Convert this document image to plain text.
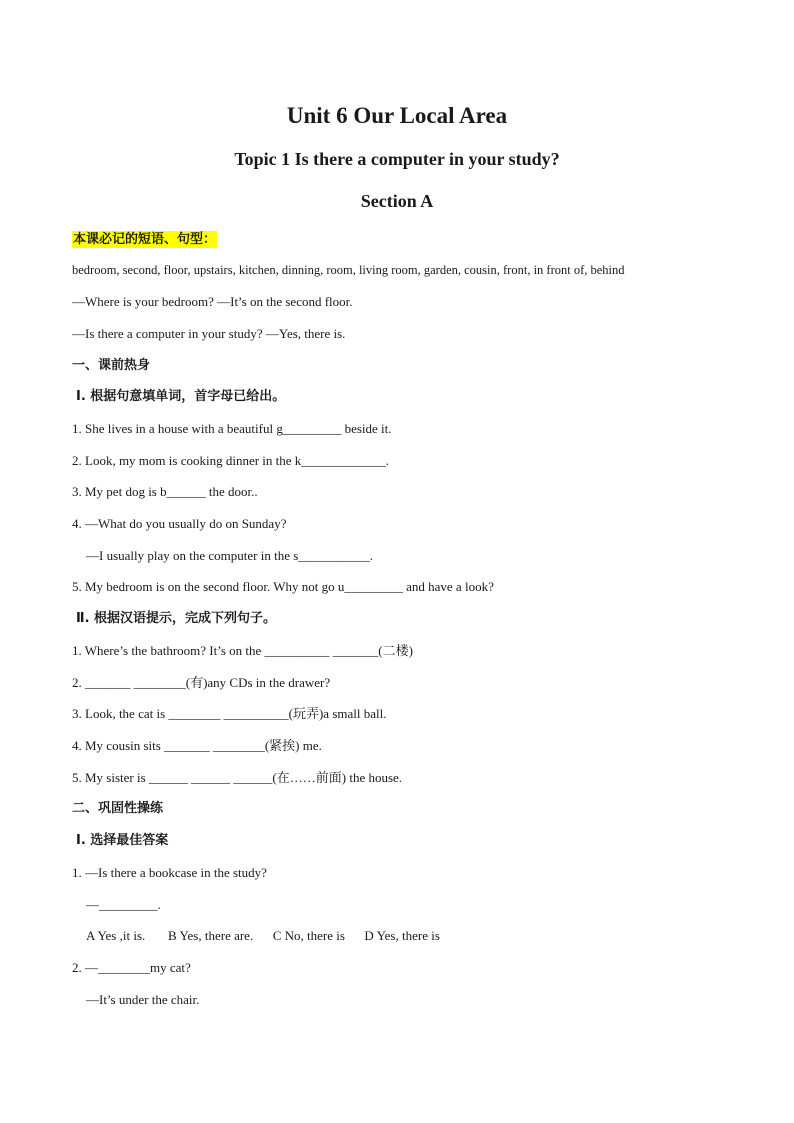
Unit 6 Our Local Area
Topic 1 Is there a computer in your study?
Section A
本课必记的短语、句型：
bedroom, second, floor, upstairs, kitchen, dinning, room, living room, garden, cousin, front, in front of, behind
—Where is your bedroom? —It’s on the second floor.
—Is there a computer in your study? —Yes, there is.
一、课前热身
Ⅰ. 根据句意填单词，首字母已给出。
1. She lives in a house with a beautiful g_________ beside it.
2. Look, my mom is cooking dinner in the k_____________.
3. My pet dog is b______ the door..
4. —What do you usually do on Sunday?
—I usually play on the computer in the s___________.
5. My bedroom is on the second floor. Why not go u_________ and have a look?
Ⅱ. 根据汉语提示，完成下列句子。
1. Where’s the bathroom? It’s on the __________ _______(二楼)
2. _______ ________(有)any CDs in the drawer?
3. Look, the cat is ________ __________(玩弄)a small ball.
4. My cousin sits _______ ________(紧挨) me.
5. My sister is ______ ______ ______(在……前面) the house.
二、巩固性操练
Ⅰ. 选择最佳答案
1. —Is there a bookcase in the study?
—_________.
A Yes ,it is.       B Yes, there are.      C No, there is      D Yes, there is
2. —________my cat?
—It’s under the chair.
